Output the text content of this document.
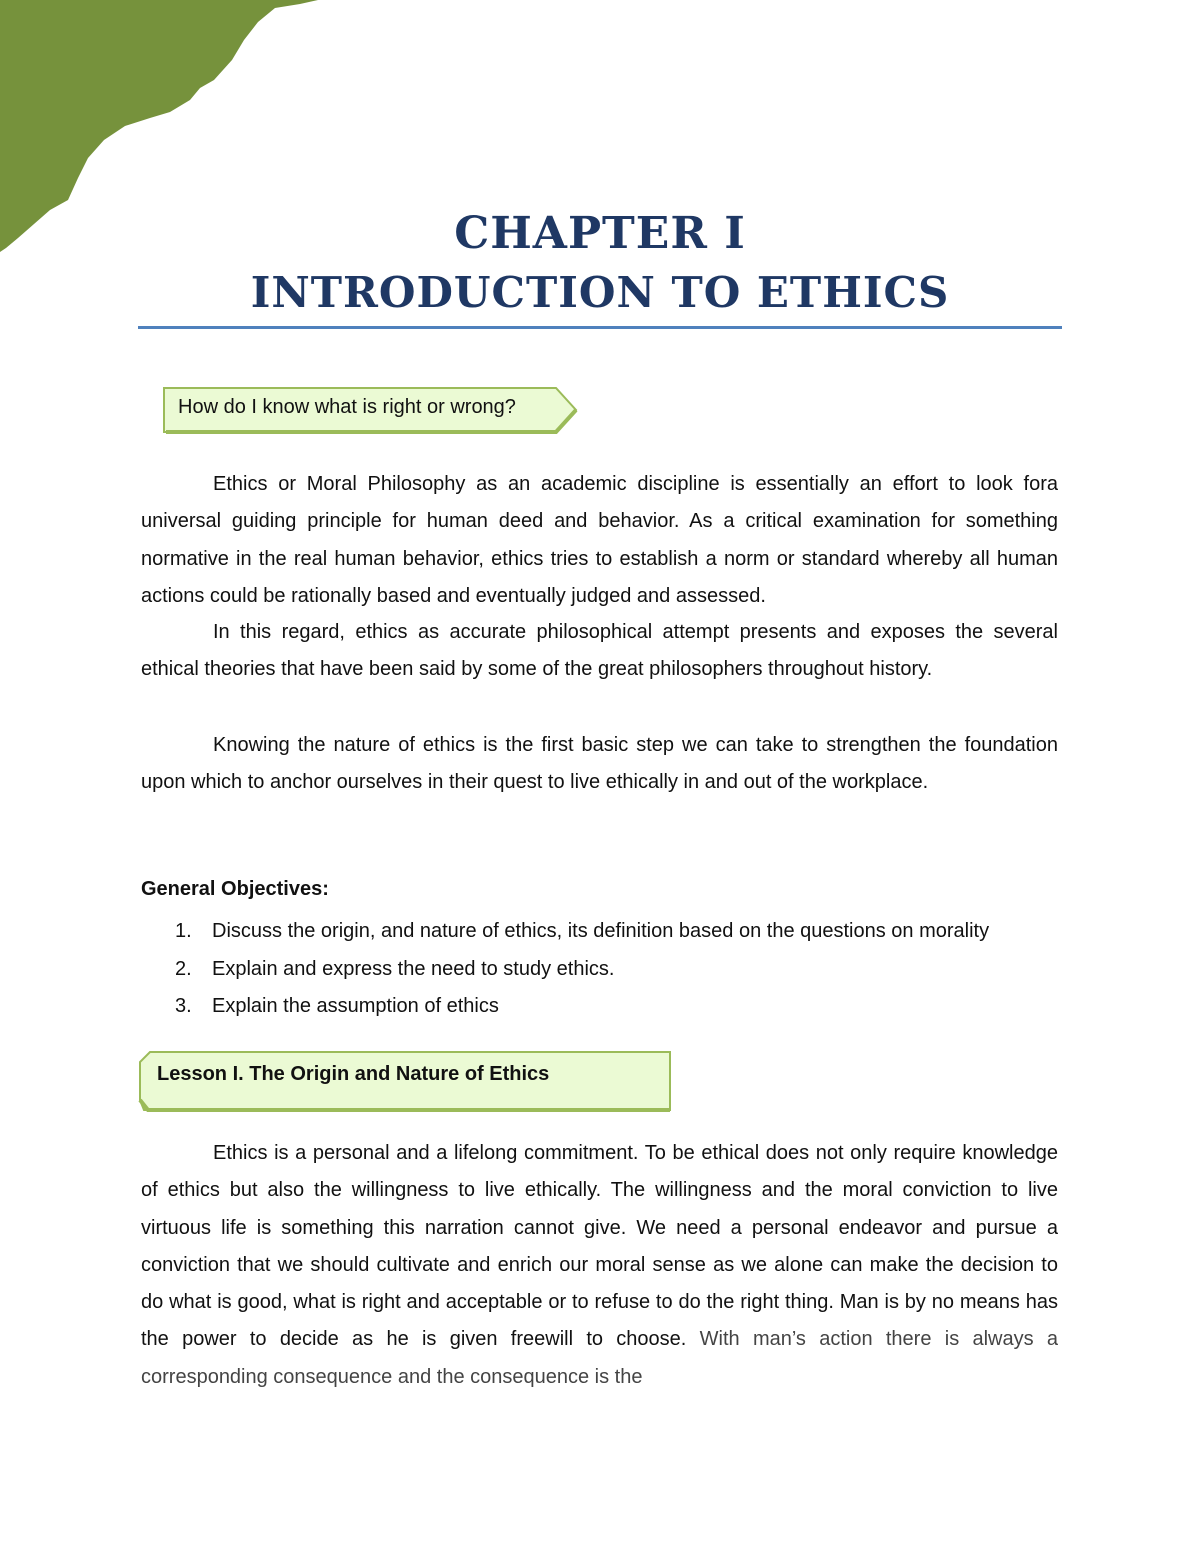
CHAPTER I
INTRODUCTION TO ETHICS
How do I know what is right or wrong?

Ethics or Moral Philosophy as an academic discipline is essentially an effort to look fora universal guiding principle for human deed and behavior. As a critical examination for something normative in the real human behavior, ethics tries to establish a norm or standard whereby all human actions could be rationally based and eventually judged and assessed.

In this regard, ethics as accurate philosophical attempt presents and exposes the several ethical theories that have been said by some of the great philosophers throughout history.

Knowing the nature of ethics is the first basic step we can take to strengthen the foundation upon which to anchor ourselves in their quest to live ethically in and out of the workplace.

General Objectives:
1. Discuss the origin, and nature of ethics, its definition based on the questions on morality
2. Explain and express the need to study ethics.
3. Explain the assumption of ethics
Lesson I. The Origin and Nature of Ethics

Ethics is a personal and a lifelong commitment. To be ethical does not only require knowledge of ethics but also the willingness to live ethically. The willingness and the moral conviction to live virtuous life is something this narration cannot give. We need a personal endeavor and pursue a conviction that we should cultivate and enrich our moral sense as we alone can make the decision to do what is good, what is right and acceptable or to refuse to do the right thing. Man is by no means has the power to decide as he is given freewill to choose. With man’s action there is always a corresponding consequence and the consequence is the
